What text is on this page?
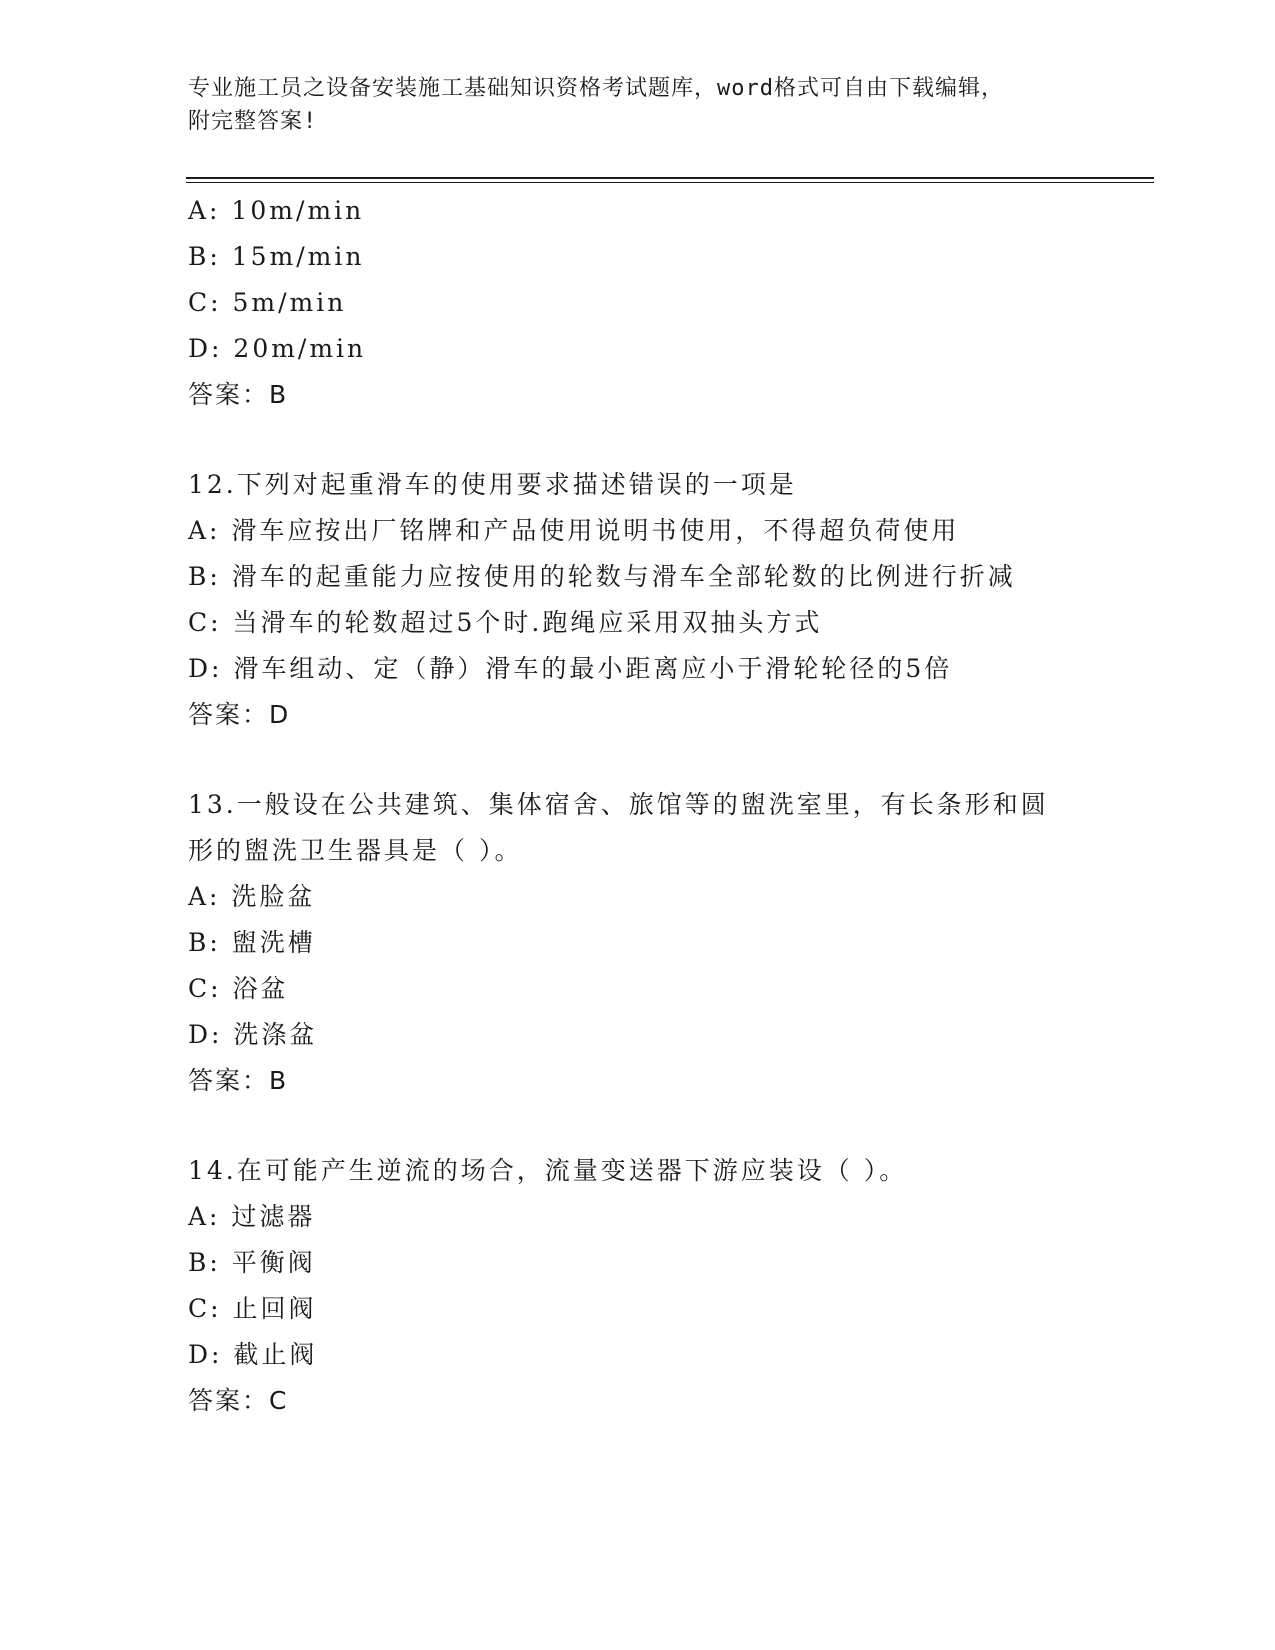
专业施工员之设备安装施工基础知识资格考试题库，word格式可自由下载编辑，
附完整答案!
A: 10m/min
B: 15m/min
C: 5m/min
D: 20m/min
答案：B
12.下列对起重滑车的使用要求描述错误的一项是
A: 滑车应按出厂铭牌和产品使用说明书使用，不得超负荷使用
B: 滑车的起重能力应按使用的轮数与滑车全部轮数的比例进行折减
C: 当滑车的轮数超过5个时.跑绳应采用双抽头方式
D: 滑车组动、定（静）滑车的最小距离应小于滑轮轮径的5倍
答案：D
13.一般设在公共建筑、集体宿舍、旅馆等的盥洗室里，有长条形和圆
形的盥洗卫生器具是（ ）。
A: 洗脸盆
B: 盥洗槽
C: 浴盆
D: 洗涤盆
答案：B
14.在可能产生逆流的场合，流量变送器下游应装设（ ）。
A: 过滤器
B: 平衡阀
C: 止回阀
D: 截止阀
答案：C
